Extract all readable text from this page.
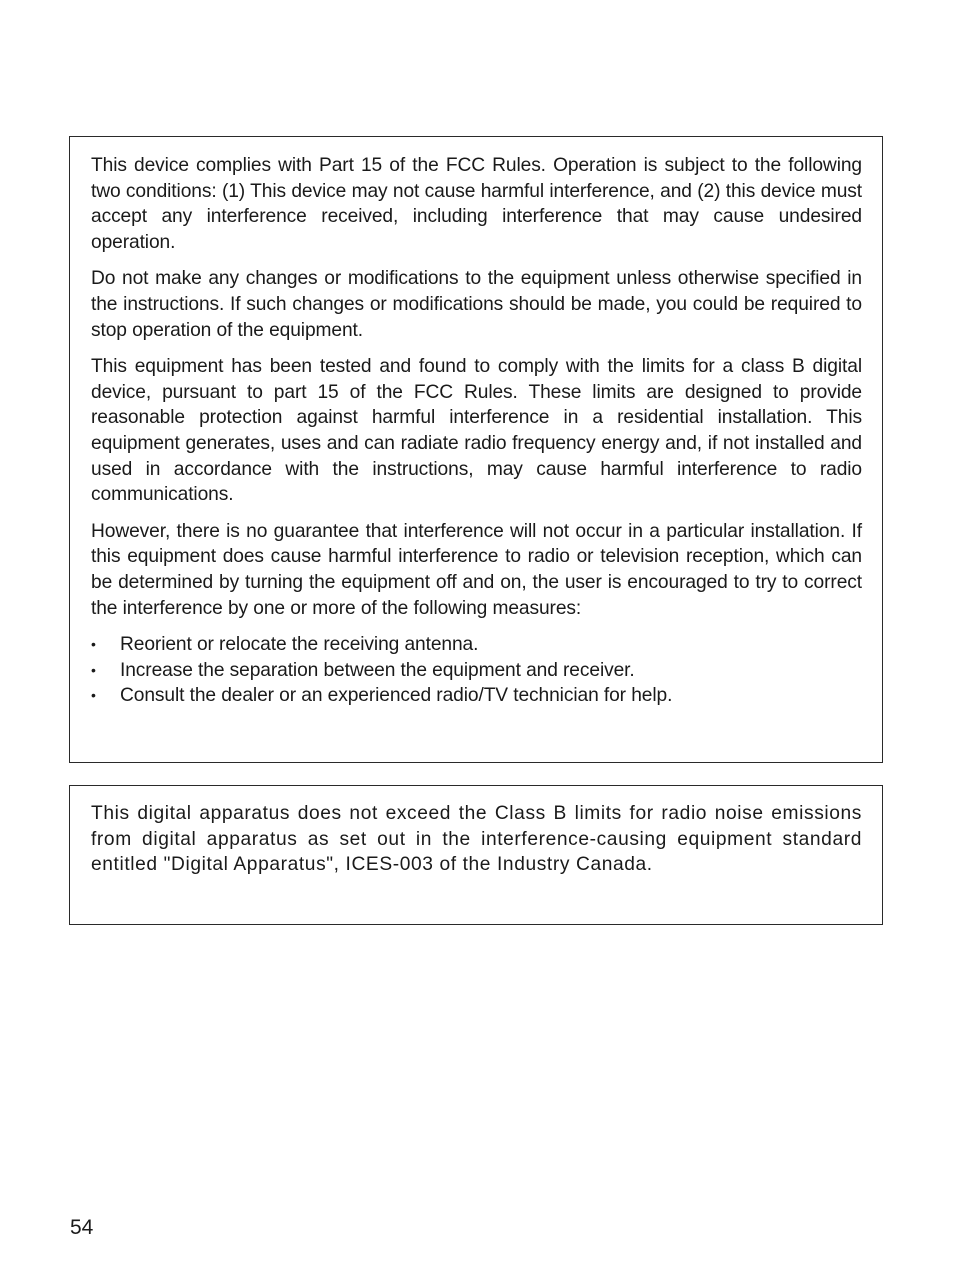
This device complies with Part 15 of the FCC Rules. Operation is subject to the following two conditions: (1) This device may not cause harmful interference, and (2) this device must accept any interference received, including interference that may cause undesired operation.

Do not make any changes or modifications to the equipment unless otherwise specified in the instructions. If such changes or modifications should be made, you could be required to stop operation of the equipment.

This equipment has been tested and found to comply with the limits for a class B digital device, pursuant to part 15 of the FCC Rules. These limits are designed to provide reasonable protection against harmful interference in a residential installation. This equipment generates, uses and can radiate radio frequency energy and, if not installed and used in accordance with the instructions, may cause harmful interference to radio communications.

However, there is no guarantee that interference will not occur in a particular installation. If this equipment does cause harmful interference to radio or television reception, which can be determined by turning the equipment off and on, the user is encouraged to try to correct the interference by one or more of the following measures:

• Reorient or relocate the receiving antenna.
• Increase the separation between the equipment and receiver.
• Consult the dealer or an experienced radio/TV technician for help.

This digital apparatus does not exceed the Class B limits for radio noise emissions from digital apparatus as set out in the interference-causing equipment standard entitled "Digital Apparatus", ICES-003 of the Industry Canada.

54
